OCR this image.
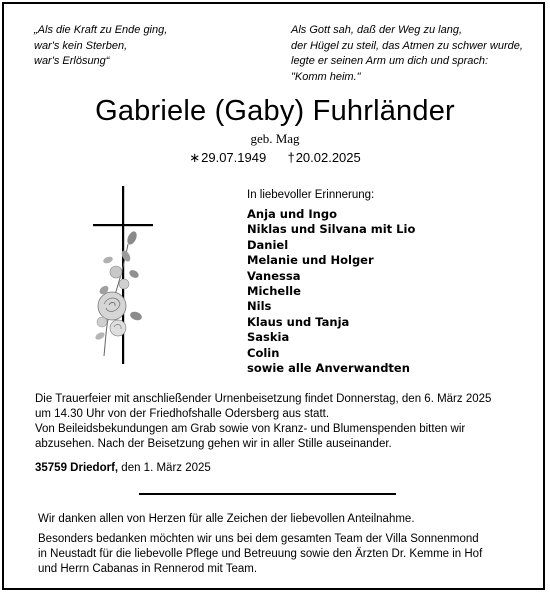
„Als die Kraft zu Ende ging,
war's kein Sterben,
war's Erlösung“
Als Gott sah, daß der Weg zu lang,
der Hügel zu steil, das Atmen zu schwer wurde,
legte er seinen Arm um dich und sprach:
"Komm heim."
Gabriele (Gaby) Fuhrländer
geb. Mag
∗29.07.1949 †20.02.2025
In liebevoller Erinnerung:
Anja und Ingo
Niklas und Silvana mit Lio
Daniel
Melanie und Holger
Vanessa
Michelle
Nils
Klaus und Tanja
Saskia
Colin
sowie alle Anverwandten
Die Trauerfeier mit anschließender Urnenbeisetzung findet Donnerstag, den 6. März 2025
um 14.30 Uhr von der Friedhofshalle Odersberg aus statt.
Von Beileidsbekundungen am Grab sowie von Kranz- und Blumenspenden bitten wir
abzusehen. Nach der Beisetzung gehen wir in aller Stille auseinander.
35759 Driedorf, den 1. März 2025
Wir danken allen von Herzen für alle Zeichen der liebevollen Anteilnahme.
Besonders bedanken möchten wir uns bei dem gesamten Team der Villa Sonnenmond
in Neustadt für die liebevolle Pflege und Betreuung sowie den Ärzten Dr. Kemme in Hof
und Herrn Cabanas in Rennerod mit Team.
